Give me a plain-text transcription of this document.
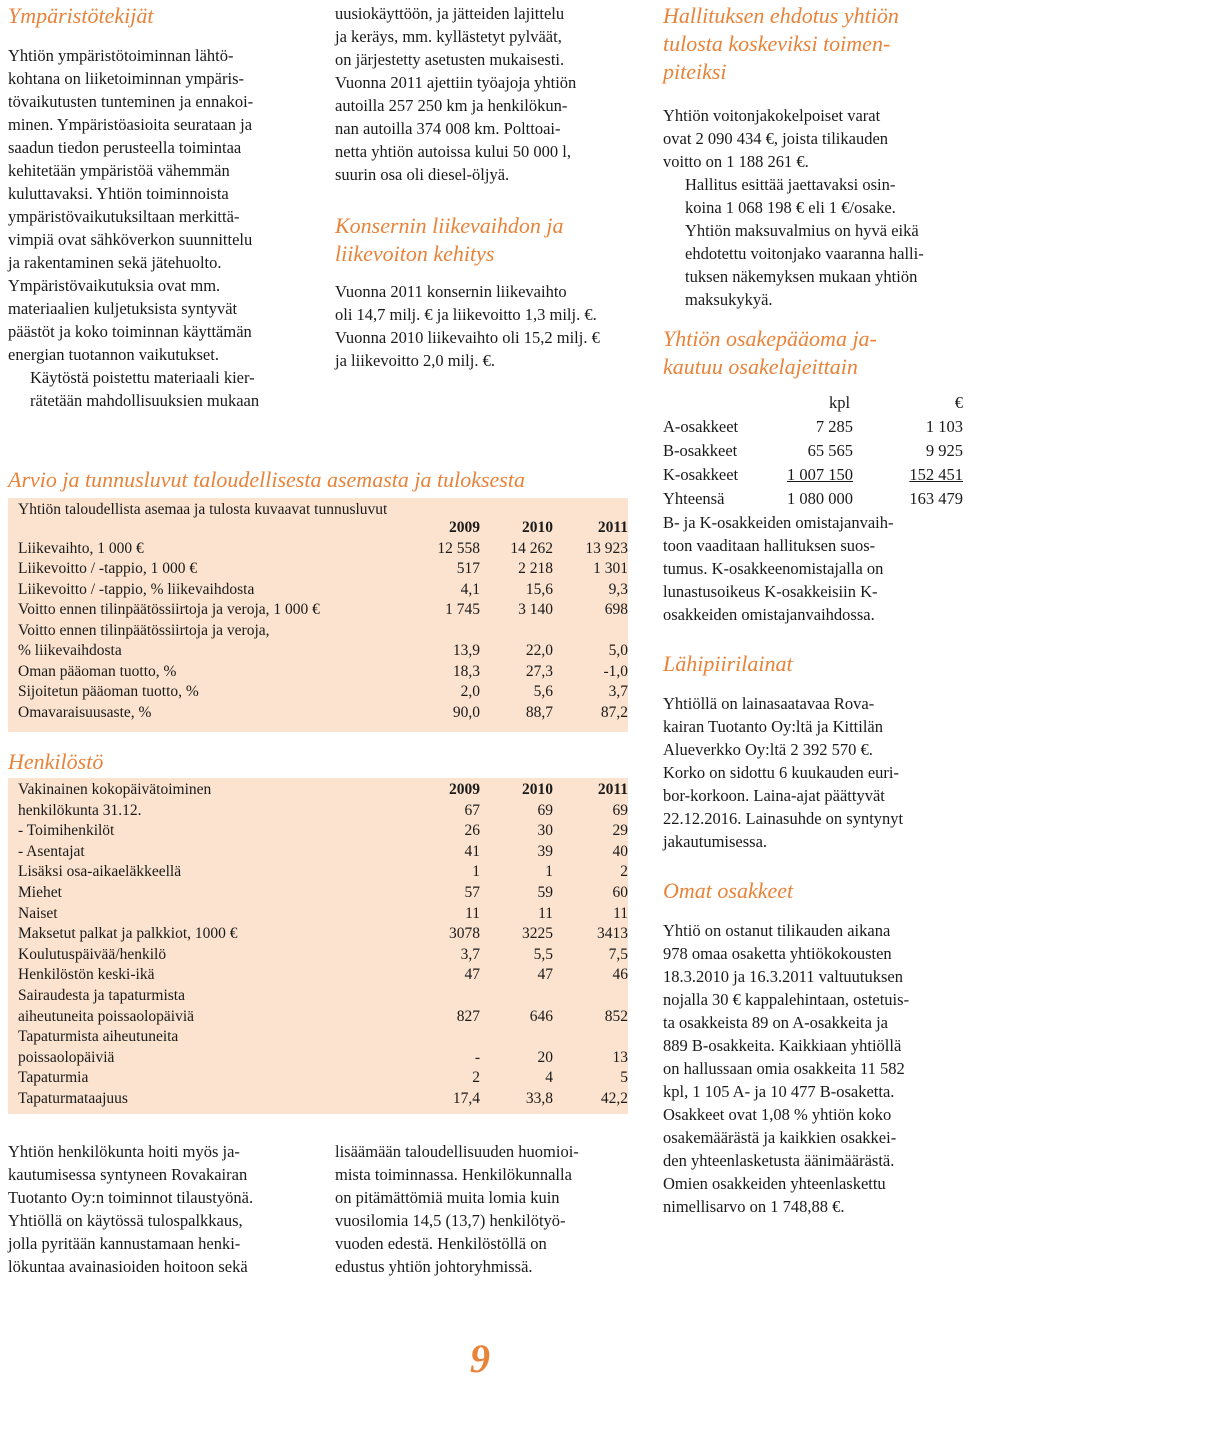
Ympäristötekijät
Yhtiön ympäristötoiminnan lähtö-
kohtana on liiketoiminnan ympäris-
tövaikutusten tunteminen ja ennakoi-
minen. Ympäristöasioita seurataan ja
saadun tiedon perusteella toimintaa
kehitetään ympäristöä vähemmän
kuluttavaksi. Yhtiön toiminnoista
ympäristövaikutuksiltaan merkittä-
vimpiä ovat sähköverkon suunnittelu
ja rakentaminen sekä jätehuolto.
Ympäristövaikutuksia ovat mm.
materiaalien kuljetuksista syntyvät
päästöt ja koko toiminnan käyttämän
energian tuotannon vaikutukset.
Käytöstä poistettu materiaali kier-
rätetään mahdollisuuksien mukaan
uusiokäyttöön, ja jätteiden lajittelu
ja keräys, mm. kyllästetyt pylväät,
on järjestetty asetusten mukaisesti.
Vuonna 2011 ajettiin työajoja yhtiön
autoilla 257 250 km ja henkilökun-
nan autoilla 374 008 km. Polttoai-
netta yhtiön autoissa kului 50 000 l,
suurin osa oli diesel-öljyä.
Konsernin liikevaihdon ja
liikevoiton kehitys
Vuonna 2011 konsernin liikevaihto
oli 14,7 milj. € ja liikevoitto 1,3 milj. €.
Vuonna 2010 liikevaihto oli 15,2 milj. €
ja liikevoitto 2,0 milj. €.
Hallituksen ehdotus yhtiön
tulosta koskeviksi toimen-
piteiksi
Yhtiön voitonjakokelpoiset varat
ovat 2 090 434 €, joista tilikauden
voitto on 1 188 261 €.
Hallitus esittää jaettavaksi osin-
koina 1 068 198 € eli 1 €/osake.
Yhtiön maksuvalmius on hyvä eikä
ehdotettu voitonjako vaaranna halli-
tuksen näkemyksen mukaan yhtiön
maksukykyä.
Yhtiön osakepääoma ja-
kautuu osakelajeittain
kpl	€
A-osakkeet	7 285	1 103
B-osakkeet	65 565	9 925
K-osakkeet	1 007 150	152 451
Yhteensä	1 080 000	163 479
B- ja K-osakkeiden omistajanvaih-
toon vaaditaan hallituksen suos-
tumus. K-osakkeenomistajalla on
lunastusoikeus K-osakkeisiin K-
osakkeiden omistajanvaihdossa.
Lähipiirilainat
Yhtiöllä on lainasaatavaa Rova-
kairan Tuotanto Oy:ltä ja Kittilän
Alueverkko Oy:ltä 2 392 570 €.
Korko on sidottu 6 kuukauden euri-
bor-korkoon. Laina-ajat päättyvät
22.12.2016. Lainasuhde on syntynyt
jakautumisessa.
Omat osakkeet
Yhtiö on ostanut tilikauden aikana
978 omaa osaketta yhtiökokousten
18.3.2010 ja 16.3.2011 valtuutuksen
nojalla 30 € kappalehintaan, ostetuis-
ta osakkeista 89 on A-osakkeita ja
889 B-osakkeita. Kaikkiaan yhtiöllä
on hallussaan omia osakkeita 11 582
kpl, 1 105 A- ja 10 477 B-osaketta.
Osakkeet ovat 1,08 % yhtiön koko
osakemäärästä ja kaikkien osakkei-
den yhteenlasketusta äänimäärästä.
Omien osakkeiden yhteenlaskettu
nimellisarvo on 1 748,88 €.
Arvio ja tunnusluvut taloudellisesta asemasta ja tuloksesta
Yhtiön taloudellista asemaa ja tulosta kuvaavat tunnusluvut
2009	2010	2011
Liikevaihto, 1 000 €	12 558	14 262	13 923
Liikevoitto / -tappio, 1 000 €	517	2 218	1 301
Liikevoitto / -tappio, % liikevaihdosta	4,1	15,6	9,3
Voitto ennen tilinpäätössiirtoja ja veroja, 1 000 €	1 745	3 140	698
Voitto ennen tilinpäätössiirtoja ja veroja,
% liikevaihdosta	13,9	22,0	5,0
Oman pääoman tuotto, %	18,3	27,3	-1,0
Sijoitetun pääoman tuotto, %	2,0	5,6	3,7
Omavaraisuusaste, %	90,0	88,7	87,2
Henkilöstö
Vakinainen kokopäivätoiminen	2009	2010	2011
henkilökunta 31.12.	67	69	69
- Toimihenkilöt	26	30	29
- Asentajat	41	39	40
Lisäksi osa-aikaeläkkeellä	1	1	2
Miehet	57	59	60
Naiset	11	11	11
Maksetut palkat ja palkkiot, 1000 €	3078	3225	3413
Koulutuspäivää/henkilö	3,7	5,5	7,5
Henkilöstön keski-ikä	47	47	46
Sairaudesta ja tapaturmista
aiheutuneita poissaolopäiviä	827	646	852
Tapaturmista aiheutuneita
poissaolopäiviä	-	20	13
Tapaturmia	2	4	5
Tapaturmataajuus	17,4	33,8	42,2
Yhtiön henkilökunta hoiti myös ja-
kautumisessa syntyneen Rovakairan
Tuotanto Oy:n toiminnot tilaustyönä.
Yhtiöllä on käytössä tulospalkkaus,
jolla pyritään kannustamaan henki-
lökuntaa avainasioiden hoitoon sekä
lisäämään taloudellisuuden huomioi-
mista toiminnassa. Henkilökunnalla
on pitämättömiä muita lomia kuin
vuosilomia 14,5 (13,7) henkilötyö-
vuoden edestä. Henkilöstöllä on
edustus yhtiön johtoryhmissä.
9
